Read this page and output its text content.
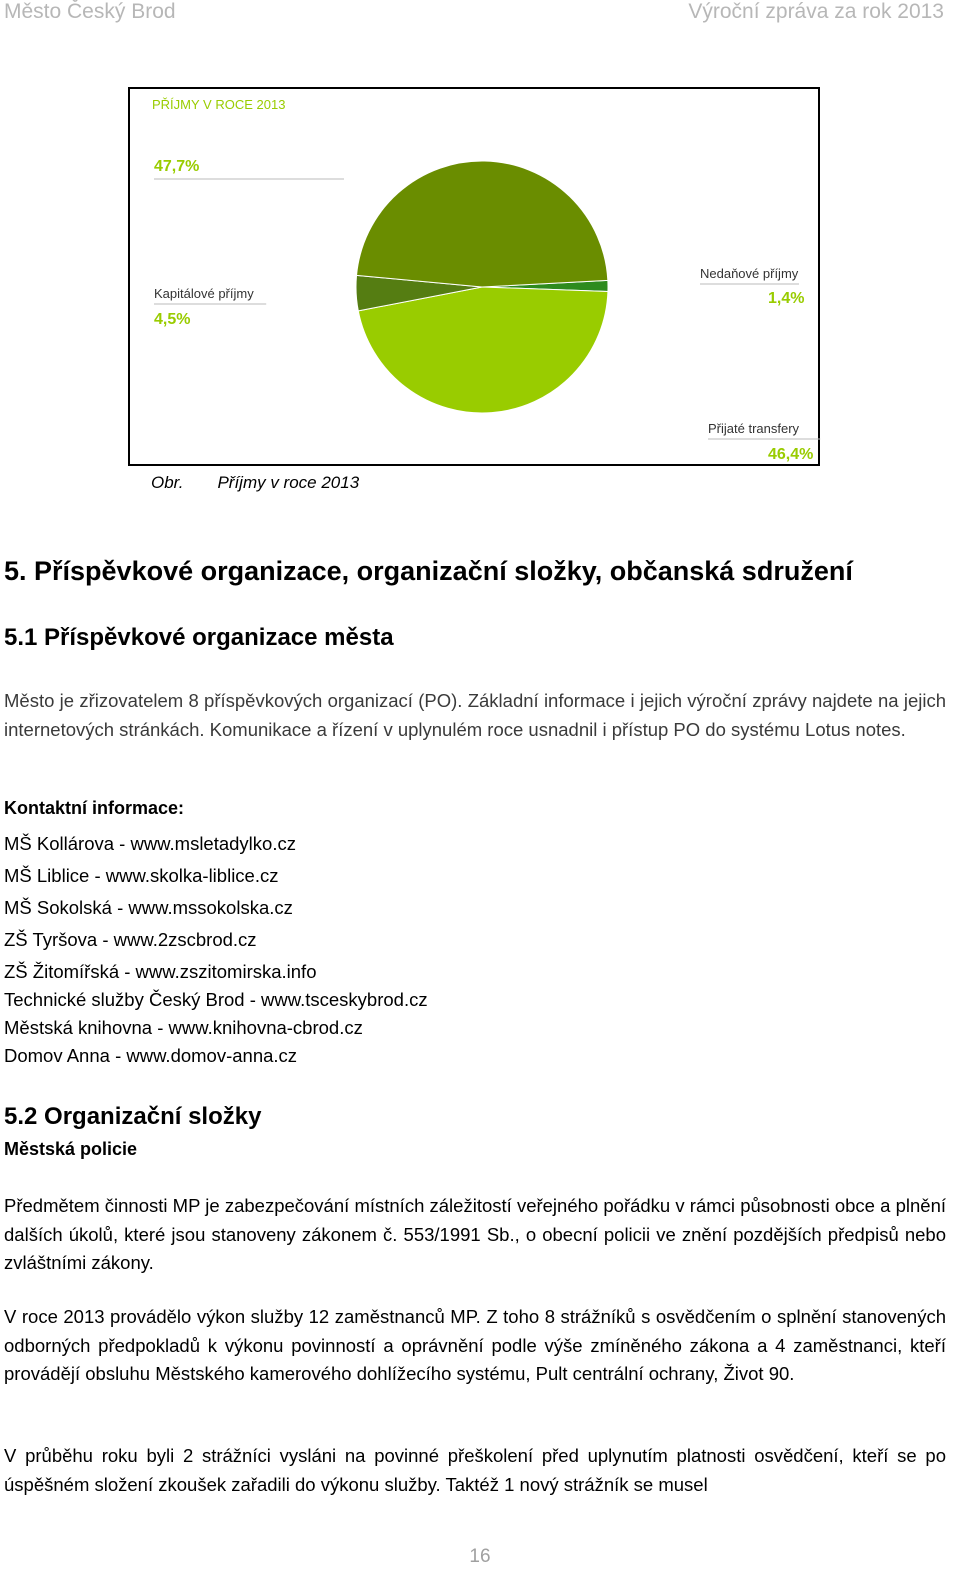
Město Český Brod	Výroční zpráva za rok 2013
PŘÍJMY V ROCE 2013
Nedaňové příjmy
1,4%
Přijaté transfery
46,4%
Kapitálové příjmy
4,5%
47,7%
Obr. Příjmy v roce 2013
5. Příspěvkové organizace, organizační složky, občanská sdružení
5.1 Příspěvkové organizace města
Město je zřizovatelem 8 příspěvkových organizací (PO). Základní informace i jejich výroční zprávy najdete na jejich internetových stránkách. Komunikace a řízení v uplynulém roce usnadnil i přístup PO do systému Lotus notes.
Kontaktní informace:
MŠ Kollárova - www.msletadylko.cz
MŠ Liblice - www.skolka-liblice.cz
MŠ Sokolská - www.mssokolska.cz
ZŠ Tyršova - www.2zscbrod.cz
ZŠ Žitomířská - www.zszitomirska.info
Technické služby Český Brod - www.tsceskybrod.cz
Městská knihovna - www.knihovna-cbrod.cz
Domov Anna - www.domov-anna.cz
5.2 Organizační složky
Městská policie
Předmětem činnosti MP je zabezpečování místních záležitostí veřejného pořádku v rámci působnosti obce a plnění dalších úkolů, které jsou stanoveny zákonem č. 553/1991 Sb., o obecní policii ve znění pozdějších předpisů nebo zvláštními zákony.
V roce 2013 provádělo výkon služby 12 zaměstnanců MP. Z toho 8 strážníků s osvědčením o splnění stanovených odborných předpokladů k výkonu povinností a oprávnění podle výše zmíněného zákona a 4 zaměstnanci, kteří provádějí obsluhu Městského kamerového dohlížecího systému, Pult centrální ochrany, Život 90.
V průběhu roku byli 2 strážníci vysláni na povinné přeškolení před uplynutím platnosti osvědčení, kteří se po úspěšném složení zkoušek zařadili do výkonu služby. Taktéž 1 nový strážník se musel
16
